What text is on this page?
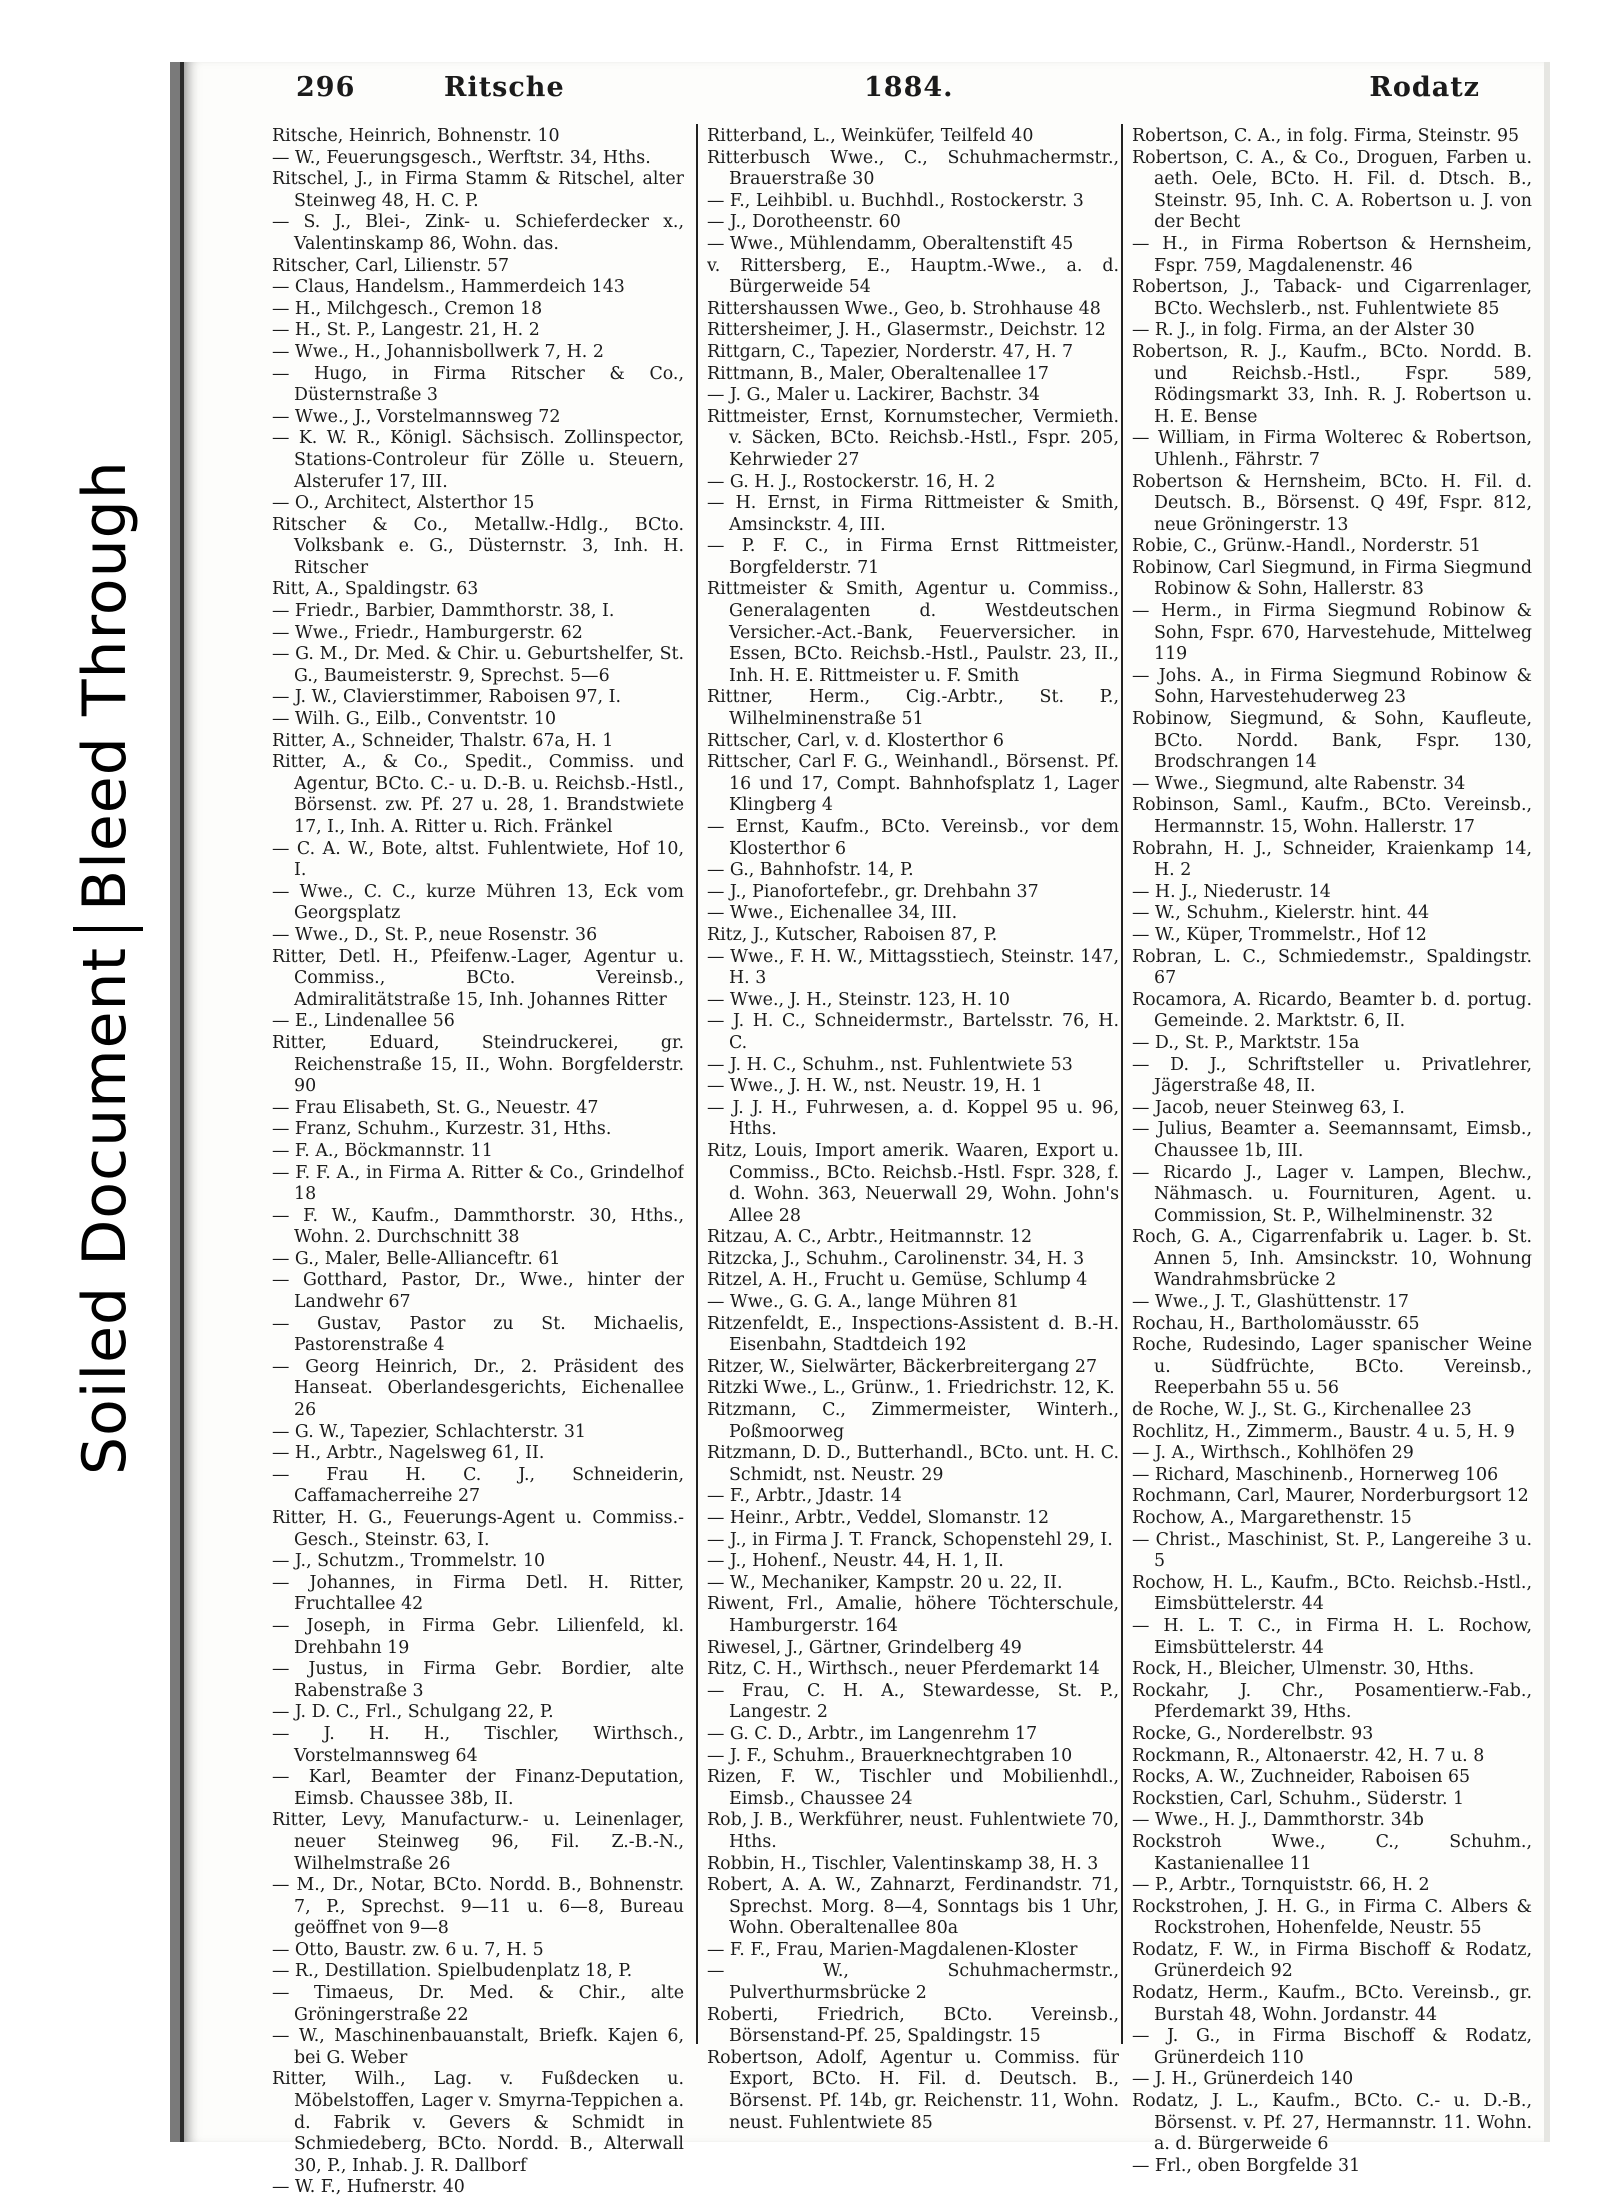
Soiled DocumentBleed Through
296	Ritsche	1884.	Rodatz

Ritsche, Heinrich, Bohnenstr. 10

— W., Feuerungsgesch., Werftstr. 34, Hths.

Ritschel, J., in Firma Stamm & Ritschel, alter Steinweg 48, H. C. P.

— S. J., Blei-, Zink- u. Schieferdecker x., Valentinskamp 86, Wohn. das.

Ritscher, Carl, Lilienstr. 57

— Claus, Handelsm., Hammerdeich 143

— H., Milchgesch., Cremon 18

— H., St. P., Langestr. 21, H. 2

— Wwe., H., Johannisbollwerk 7, H. 2

— Hugo, in Firma Ritscher & Co., Düsternstraße 3

— Wwe., J., Vorstelmannsweg 72

— K. W. R., Königl. Sächsisch. Zollinspector, Stations-Controleur für Zölle u. Steuern, Alsterufer 17, III.

— O., Architect, Alsterthor 15

Ritscher & Co., Metallw.-Hdlg., BCto. Volksbank e. G., Düsternstr. 3, Inh. H. Ritscher

Ritt, A., Spaldingstr. 63

— Friedr., Barbier, Dammthorstr. 38, I.

— Wwe., Friedr., Hamburgerstr. 62

— G. M., Dr. Med. & Chir. u. Geburtshelfer, St. G., Baumeisterstr. 9, Sprechst. 5—6

— J. W., Clavierstimmer, Raboisen 97, I.

— Wilh. G., Eilb., Conventstr. 10

Ritter, A., Schneider, Thalstr. 67a, H. 1

Ritter, A., & Co., Spedit., Commiss. und Agentur, BCto. C.- u. D.-B. u. Reichsb.-Hstl., Börsenst. zw. Pf. 27 u. 28, 1. Brandstwiete 17, I., Inh. A. Ritter u. Rich. Fränkel

— C. A. W., Bote, altst. Fuhlentwiete, Hof 10, I.

— Wwe., C. C., kurze Mühren 13, Eck vom Georgsplatz

— Wwe., D., St. P., neue Rosenstr. 36

Ritter, Detl. H., Pfeifenw.-Lager, Agentur u. Commiss., BCto. Vereinsb., Admiralitätstraße 15, Inh. Johannes Ritter

— E., Lindenallee 56

Ritter, Eduard, Steindruckerei, gr. Reichenstraße 15, II., Wohn. Borgfelderstr. 90

— Frau Elisabeth, St. G., Neuestr. 47

— Franz, Schuhm., Kurzestr. 31, Hths.

— F. A., Böckmannstr. 11

— F. F. A., in Firma A. Ritter & Co., Grindelhof 18

— F. W., Kaufm., Dammthorstr. 30, Hths., Wohn. 2. Durchschnitt 38

— G., Maler, Belle-Allianceftr. 61

— Gotthard, Pastor, Dr., Wwe., hinter der Landwehr 67

— Gustav, Pastor zu St. Michaelis, Pastorenstraße 4

— Georg Heinrich, Dr., 2. Präsident des Hanseat. Oberlandesgerichts, Eichenallee 26

— G. W., Tapezier, Schlachterstr. 31

— H., Arbtr., Nagelsweg 61, II.

— Frau H. C. J., Schneiderin, Caffamacherreihe 27

Ritter, H. G., Feuerungs-Agent u. Commiss.-Gesch., Steinstr. 63, I.

— J., Schutzm., Trommelstr. 10

— Johannes, in Firma Detl. H. Ritter, Fruchtallee 42

— Joseph, in Firma Gebr. Lilienfeld, kl. Drehbahn 19

— Justus, in Firma Gebr. Bordier, alte Rabenstraße 3

— J. D. C., Frl., Schulgang 22, P.

— J. H. H., Tischler, Wirthsch., Vorstelmannsweg 64

— Karl, Beamter der Finanz-Deputation, Eimsb. Chaussee 38b, II.

Ritter, Levy, Manufacturw.- u. Leinenlager, neuer Steinweg 96, Fil. Z.-B.-N., Wilhelmstraße 26

— M., Dr., Notar, BCto. Nordd. B., Bohnenstr. 7, P., Sprechst. 9—11 u. 6—8, Bureau geöffnet von 9—8

— Otto, Baustr. zw. 6 u. 7, H. 5

— R., Destillation. Spielbudenplatz 18, P.

— Timaeus, Dr. Med. & Chir., alte Gröningerstraße 22

— W., Maschinenbauanstalt, Briefk. Kajen 6, bei G. Weber

Ritter, Wilh., Lag. v. Fußdecken u. Möbelstoffen, Lager v. Smyrna-Teppichen a. d. Fabrik v. Gevers & Schmidt in Schmiedeberg, BCto. Nordd. B., Alterwall 30, P., Inhab. J. R. Dallborf

— W. F., Hufnerstr. 40

Ritterband, L., Weinküfer, Teilfeld 40

Ritterbusch Wwe., C., Schuhmachermstr., Brauerstraße 30

— F., Leihbibl. u. Buchhdl., Rostockerstr. 3

— J., Dorotheenstr. 60

— Wwe., Mühlendamm, Oberaltenstift 45

v. Rittersberg, E., Hauptm.-Wwe., a. d. Bürgerweide 54

Rittershaussen Wwe., Geo, b. Strohhause 48

Rittersheimer, J. H., Glasermstr., Deichstr. 12

Rittgarn, C., Tapezier, Norderstr. 47, H. 7

Rittmann, B., Maler, Oberaltenallee 17

— J. G., Maler u. Lackirer, Bachstr. 34

Rittmeister, Ernst, Kornumstecher, Vermieth. v. Säcken, BCto. Reichsb.-Hstl., Fspr. 205, Kehrwieder 27

— G. H. J., Rostockerstr. 16, H. 2

— H. Ernst, in Firma Rittmeister & Smith, Amsinckstr. 4, III.

— P. F. C., in Firma Ernst Rittmeister, Borgfelderstr. 71

Rittmeister & Smith, Agentur u. Commiss., Generalagenten d. Westdeutschen Versicher.-Act.-Bank, Feuerversicher. in Essen, BCto. Reichsb.-Hstl., Paulstr. 23, II., Inh. H. E. Rittmeister u. F. Smith

Rittner, Herm., Cig.-Arbtr., St. P., Wilhelminenstraße 51

Rittscher, Carl, v. d. Klosterthor 6

Rittscher, Carl F. G., Weinhandl., Börsenst. Pf. 16 und 17, Compt. Bahnhofsplatz 1, Lager Klingberg 4

— Ernst, Kaufm., BCto. Vereinsb., vor dem Klosterthor 6

— G., Bahnhofstr. 14, P.

— J., Pianofortefebr., gr. Drehbahn 37

— Wwe., Eichenallee 34, III.

Ritz, J., Kutscher, Raboisen 87, P.

— Wwe., F. H. W., Mittagsstiech, Steinstr. 147, H. 3

— Wwe., J. H., Steinstr. 123, H. 10

— J. H. C., Schneidermstr., Bartelsstr. 76, H. C.

— J. H. C., Schuhm., nst. Fuhlentwiete 53

— Wwe., J. H. W., nst. Neustr. 19, H. 1

— J. J. H., Fuhrwesen, a. d. Koppel 95 u. 96, Hths.

Ritz, Louis, Import amerik. Waaren, Export u. Commiss., BCto. Reichsb.-Hstl. Fspr. 328, f. d. Wohn. 363, Neuerwall 29, Wohn. John's Allee 28

Ritzau, A. C., Arbtr., Heitmannstr. 12

Ritzcka, J., Schuhm., Carolinenstr. 34, H. 3

Ritzel, A. H., Frucht u. Gemüse, Schlump 4

— Wwe., G. G. A., lange Mühren 81

Ritzenfeldt, E., Inspections-Assistent d. B.-H. Eisenbahn, Stadtdeich 192

Ritzer, W., Sielwärter, Bäckerbreitergang 27

Ritzki Wwe., L., Grünw., 1. Friedrichstr. 12, K.

Ritzmann, C., Zimmermeister, Winterh., Poßmoorweg

Ritzmann, D. D., Butterhandl., BCto. unt. H. C. Schmidt, nst. Neustr. 29

— F., Arbtr., Jdastr. 14

— Heinr., Arbtr., Veddel, Slomanstr. 12

— J., in Firma J. T. Franck, Schopenstehl 29, I.

— J., Hohenf., Neustr. 44, H. 1, II.

— W., Mechaniker, Kampstr. 20 u. 22, II.

Riwent, Frl., Amalie, höhere Töchterschule, Hamburgerstr. 164

Riwesel, J., Gärtner, Grindelberg 49

Ritz, C. H., Wirthsch., neuer Pferdemarkt 14

— Frau, C. H. A., Stewardesse, St. P., Langestr. 2

— G. C. D., Arbtr., im Langenrehm 17

— J. F., Schuhm., Brauerknechtgraben 10

Rizen, F. W., Tischler und Mobilienhdl., Eimsb., Chaussee 24

Rob, J. B., Werkführer, neust. Fuhlentwiete 70, Hths.

Robbin, H., Tischler, Valentinskamp 38, H. 3

Robert, A. A. W., Zahnarzt, Ferdinandstr. 71, Sprechst. Morg. 8—4, Sonntags bis 1 Uhr, Wohn. Oberaltenallee 80a

— F. F., Frau, Marien-Magdalenen-Kloster

— W., Schuhmachermstr., Pulverthurmsbrücke 2

Roberti, Friedrich, BCto. Vereinsb., Börsenstand-Pf. 25, Spaldingstr. 15

Robertson, Adolf, Agentur u. Commiss. für Export, BCto. H. Fil. d. Deutsch. B., Börsenst. Pf. 14b, gr. Reichenstr. 11, Wohn. neust. Fuhlentwiete 85

Robertson, C. A., in folg. Firma, Steinstr. 95

Robertson, C. A., & Co., Droguen, Farben u. aeth. Oele, BCto. H. Fil. d. Dtsch. B., Steinstr. 95, Inh. C. A. Robertson u. J. von der Becht

— H., in Firma Robertson & Hernsheim, Fspr. 759, Magdalenenstr. 46

Robertson, J., Taback- und Cigarrenlager, BCto. Wechslerb., nst. Fuhlentwiete 85

— R. J., in folg. Firma, an der Alster 30

Robertson, R. J., Kaufm., BCto. Nordd. B. und Reichsb.-Hstl., Fspr. 589, Rödingsmarkt 33, Inh. R. J. Robertson u. H. E. Bense

— William, in Firma Wolterec & Robertson, Uhlenh., Fährstr. 7

Robertson & Hernsheim, BCto. H. Fil. d. Deutsch. B., Börsenst. Q 49f, Fspr. 812, neue Gröningerstr. 13

Robie, C., Grünw.-Handl., Norderstr. 51

Robinow, Carl Siegmund, in Firma Siegmund Robinow & Sohn, Hallerstr. 83

— Herm., in Firma Siegmund Robinow & Sohn, Fspr. 670, Harvestehude, Mittelweg 119

— Johs. A., in Firma Siegmund Robinow & Sohn, Harvestehuderweg 23

Robinow, Siegmund, & Sohn, Kaufleute, BCto. Nordd. Bank, Fspr. 130, Brodschrangen 14

— Wwe., Siegmund, alte Rabenstr. 34

Robinson, Saml., Kaufm., BCto. Vereinsb., Hermannstr. 15, Wohn. Hallerstr. 17

Robrahn, H. J., Schneider, Kraienkamp 14, H. 2

— H. J., Niederustr. 14

— W., Schuhm., Kielerstr. hint. 44

— W., Küper, Trommelstr., Hof 12

Robran, L. C., Schmiedemstr., Spaldingstr. 67

Rocamora, A. Ricardo, Beamter b. d. portug. Gemeinde. 2. Marktstr. 6, II.

— D., St. P., Marktstr. 15a

— D. J., Schriftsteller u. Privatlehrer, Jägerstraße 48, II.

— Jacob, neuer Steinweg 63, I.

— Julius, Beamter a. Seemannsamt, Eimsb., Chaussee 1b, III.

— Ricardo J., Lager v. Lampen, Blechw., Nähmasch. u. Fournituren, Agent. u. Commission, St. P., Wilhelminenstr. 32

Roch, G. A., Cigarrenfabrik u. Lager. b. St. Annen 5, Inh. Amsinckstr. 10, Wohnung Wandrahmsbrücke 2

— Wwe., J. T., Glashüttenstr. 17

Rochau, H., Bartholomäusstr. 65

Roche, Rudesindo, Lager spanischer Weine u. Südfrüchte, BCto. Vereinsb., Reeperbahn 55 u. 56

de Roche, W. J., St. G., Kirchenallee 23

Rochlitz, H., Zimmerm., Baustr. 4 u. 5, H. 9

— J. A., Wirthsch., Kohlhöfen 29

— Richard, Maschinenb., Hornerweg 106

Rochmann, Carl, Maurer, Norderburgsort 12

Rochow, A., Margarethenstr. 15

— Christ., Maschinist, St. P., Langereihe 3 u. 5

Rochow, H. L., Kaufm., BCto. Reichsb.-Hstl., Eimsbüttelerstr. 44

— H. L. T. C., in Firma H. L. Rochow, Eimsbüttelerstr. 44

Rock, H., Bleicher, Ulmenstr. 30, Hths.

Rockahr, J. Chr., Posamentierw.-Fab., Pferdemarkt 39, Hths.

Rocke, G., Norderelbstr. 93

Rockmann, R., Altonaerstr. 42, H. 7 u. 8

Rocks, A. W., Zuchneider, Raboisen 65

Rockstien, Carl, Schuhm., Süderstr. 1

— Wwe., H. J., Dammthorstr. 34b

Rockstroh Wwe., C., Schuhm., Kastanienallee 11

— P., Arbtr., Tornquiststr. 66, H. 2

Rockstrohen, J. H. G., in Firma C. Albers & Rockstrohen, Hohenfelde, Neustr. 55

Rodatz, F. W., in Firma Bischoff & Rodatz, Grünerdeich 92

Rodatz, Herm., Kaufm., BCto. Vereinsb., gr. Burstah 48, Wohn. Jordanstr. 44

— J. G., in Firma Bischoff & Rodatz, Grünerdeich 110

— J. H., Grünerdeich 140

Rodatz, J. L., Kaufm., BCto. C.- u. D.-B., Börsenst. v. Pf. 27, Hermannstr. 11. Wohn. a. d. Bürgerweide 6

— Frl., oben Borgfelde 31
